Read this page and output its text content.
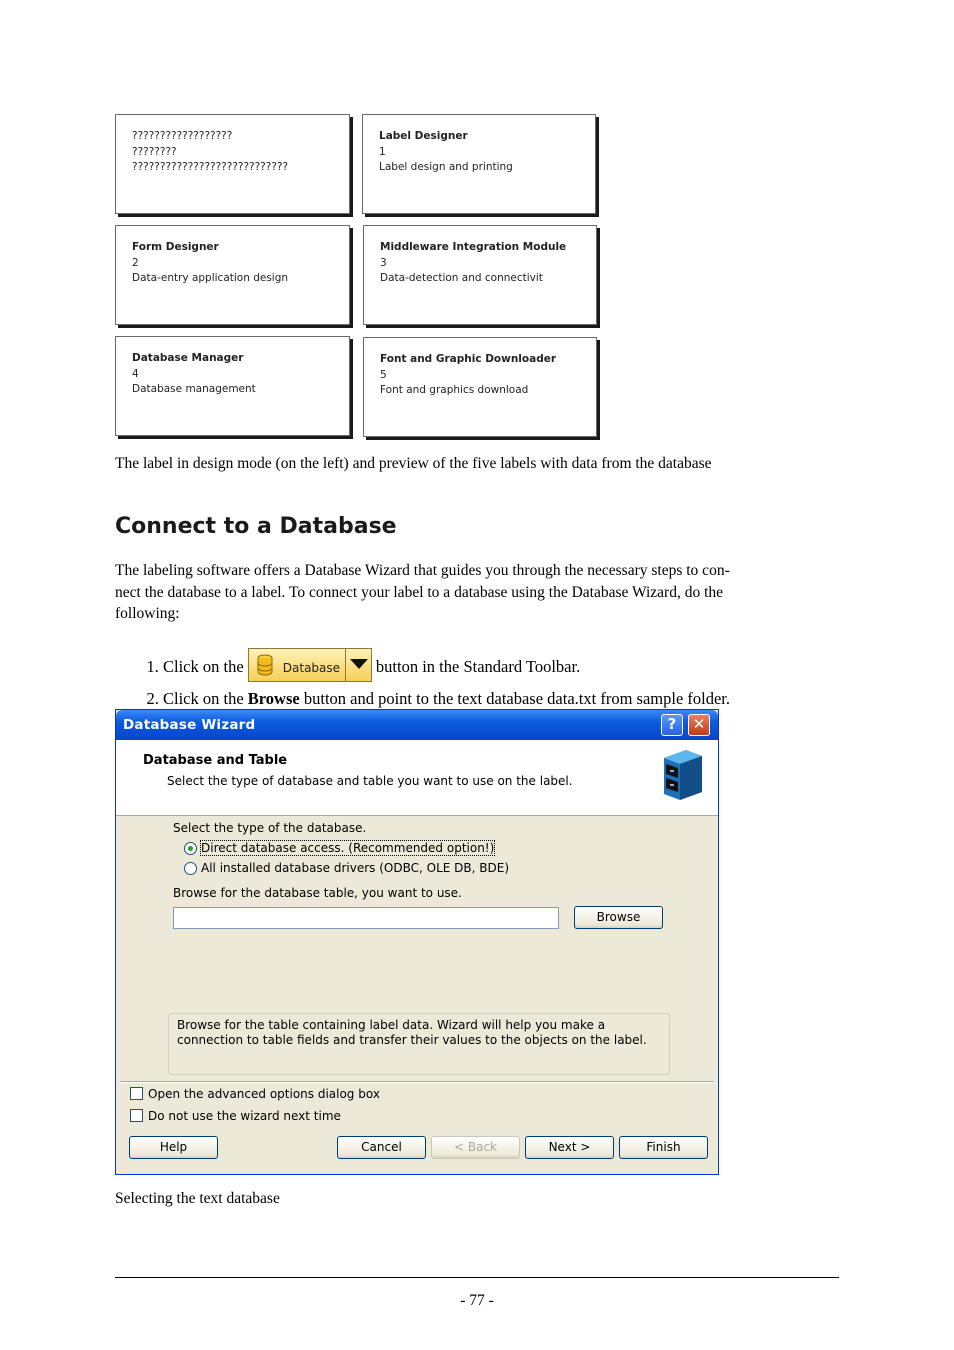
??????????????????
????????
????????????????????????????
Label Designer
1
Label design and printing
Form Designer
2
Data-entry application design
Middleware Integration Module
3
Data-detection and connectivit
Database Manager
4
Database management
Font and Graphic Downloader
5
Font and graphics download
The label in design mode (on the left) and preview of the five labels with data from the database
Connect to a Database
The labeling software offers a Database Wizard that guides you through the necessary steps to con-
nect the database to a label. To connect your label to a database using the Database Wizard, do the
following:
1. Click on the	Database button in the Standard Toolbar.
2. Click on the Browse button and point to the text database data.txt from sample folder.
Database Wizard	?	✕
Database and Table
Select the type of database and table you want to use on the label.
Select the type of the database.
Direct database access. (Recommended option!)
All installed database drivers (ODBC, OLE DB, BDE)
Browse for the database table, you want to use.
Browse
Browse for the table containing label data. Wizard will help you make a connection to table fields and transfer their values to the objects on the label.
Open the advanced options dialog box
Do not use the wizard next time
Help	Cancel	< Back	Next >	Finish
Selecting the text database
- 77 -
